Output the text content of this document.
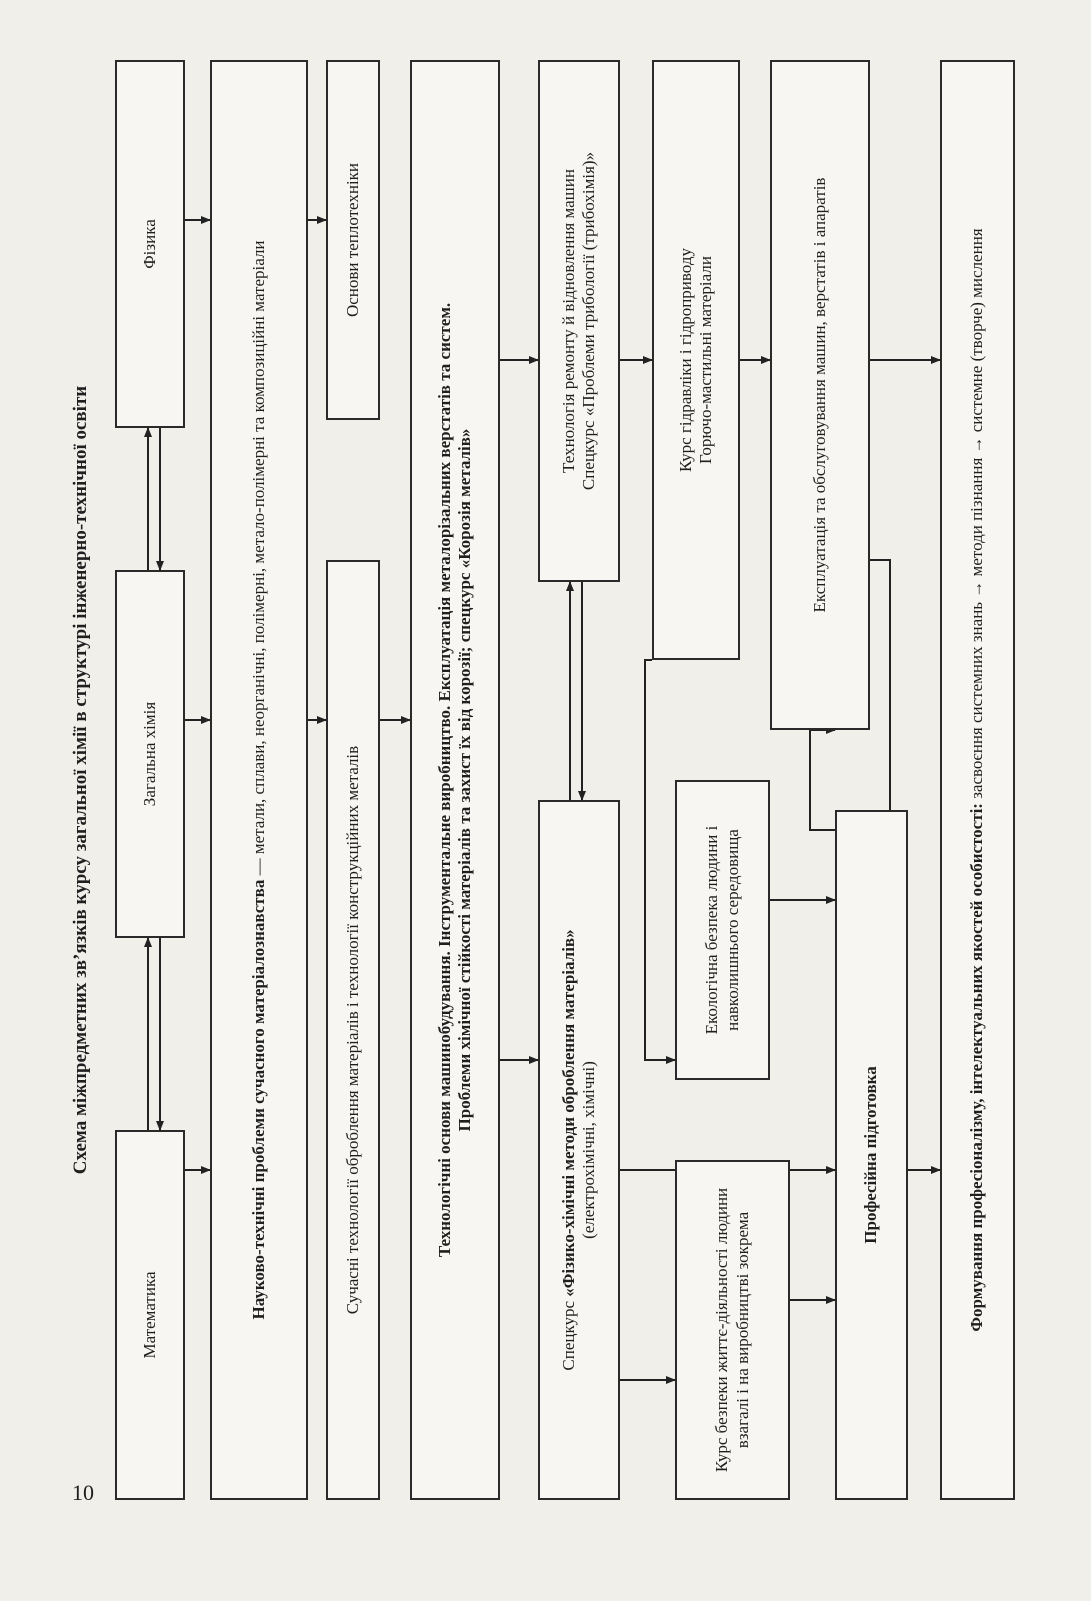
10
Схема міжпредметних зв’язків курсу загальної хімії в структурі інженерно-технічної освіти
Математика
Загальна хімія
Фізика
Науково-технічні проблеми сучасного матеріалознавства — метали, сплави, неорганічні, полімерні, метало-полімерні та композиційні матеріали
Сучасні технології оброблення матеріалів і технології конструкційних металів
Основи теплотехніки
Технологічні основи машинобудування. Інструментальне виробництво. Експлуатація металорізальних верстатів та систем. Проблеми хімічної стійкості матеріалів та захист їх від корозії; спецкурс «Корозія металів»
Спецкурс «Фізико-хімічні методи оброблення матеріалів» (електрохімічні, хімічні)
Технологія ремонту й відновлення машин Спецкурс «Проблеми трибології (трибохімія)»
Курс безпеки життє-діяльності людини взагалі і на виробництві зокрема
Екологічна безпека людини і навколишнього середовища
Курс гідравліки і гідроприводу Горючо-мастильні матеріали
Професійна підготовка
Експлуатація та обслуговування машин, верстатів і апаратів
Формування професіоналізму, інтелектуальних якостей особистості: засвоєння системних знань → методи пізнання → системне (творче) мислення
